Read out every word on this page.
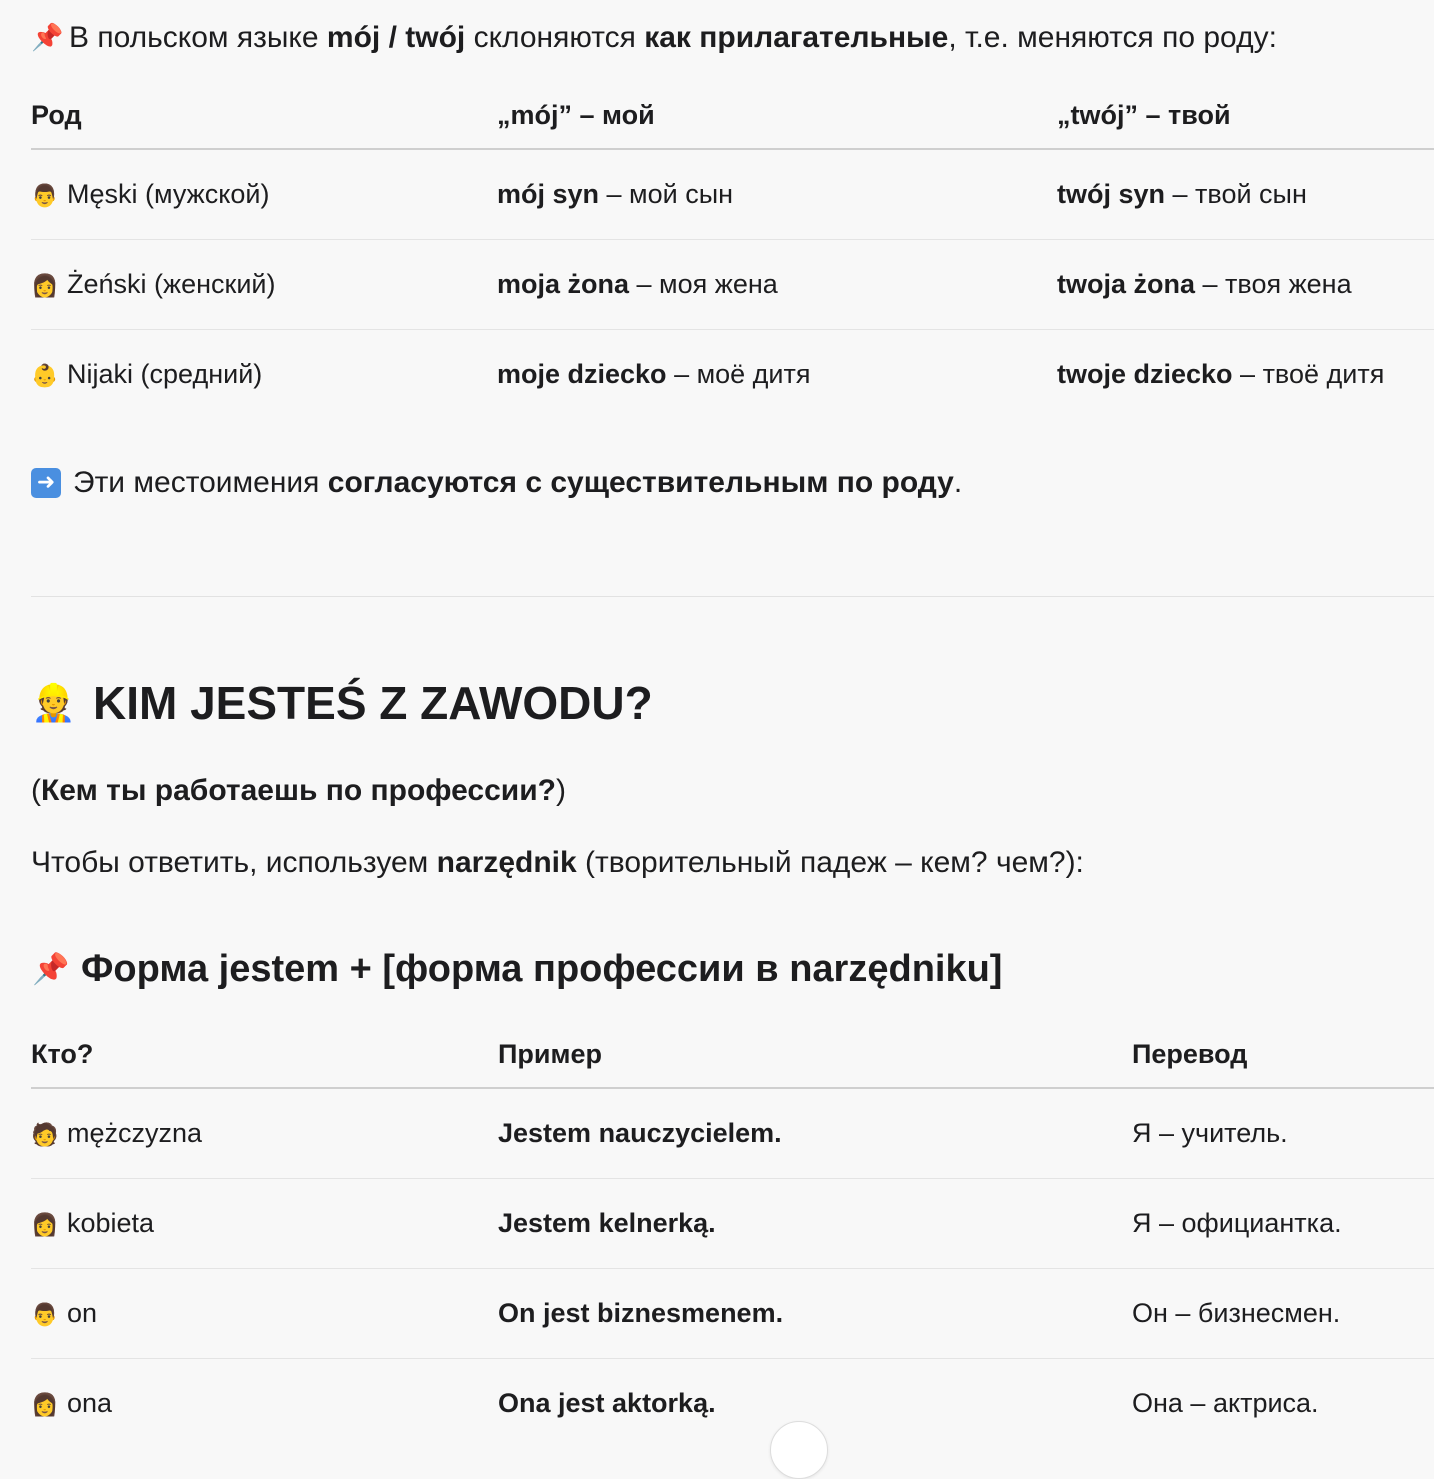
📌 В польском языке mój / twój склоняются как прилагательные, т.е. меняются по роду:
Род	„mój” – мой	„twój” – твой
👨 Męski (мужской)	mój syn – мой сын	twój syn – твой сын
👩 Żeński (женский)	moja żona – моя жена	twoja żona – твоя жена
👶 Nijaki (средний)	moje dziecko – моё дитя	twoje dziecko – твоё дитя
➜ Эти местоимения согласуются с существительным по роду.
👷 KIM JESTEŚ Z ZAWODU?
(Кем ты работаешь по профессии?)
Чтобы ответить, используем narzędnik (творительный падеж – кем? чем?):
📌 Форма jestem + [форма профессии в narzędniku]
Кто?	Пример	Перевод
🧑 mężczyzna	Jestem nauczycielem.	Я – учитель.
👩 kobieta	Jestem kelnerką.	Я – официантка.
👨 on	On jest biznesmenem.	Он – бизнесмен.
👩 ona	Ona jest aktorką.	Она – актриса.
